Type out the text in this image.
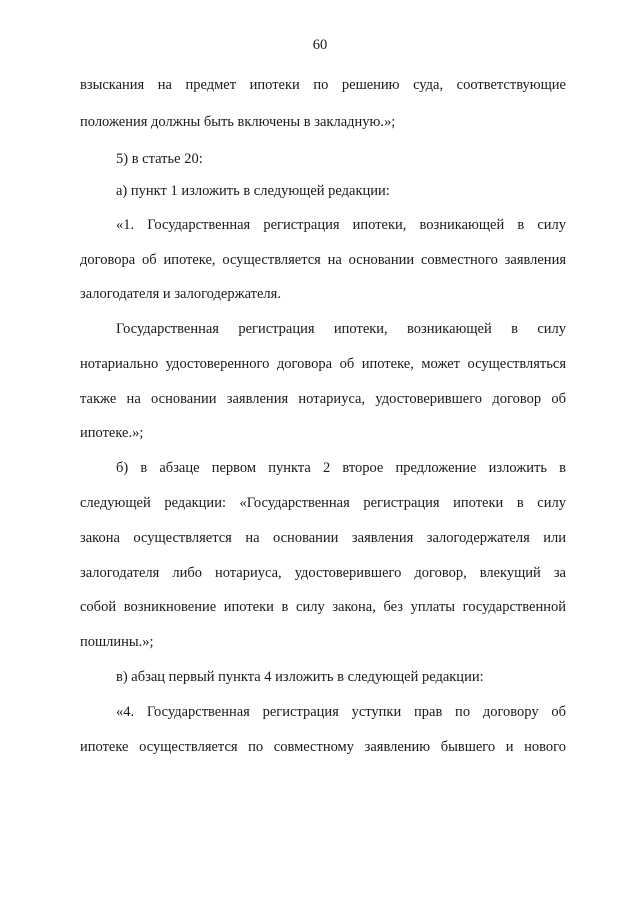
60
взыскания на предмет ипотеки по решению суда, соответствующие
положения должны быть включены в закладную.»;
5) в статье 20:
а) пункт 1 изложить в следующей редакции:
«1. Государственная регистрация ипотеки, возникающей в силу
договора об ипотеке, осуществляется на основании совместного заявления
залогодателя и залогодержателя.
Государственная регистрация ипотеки, возникающей в силу
нотариально удостоверенного договора об ипотеке, может осуществляться
также на основании заявления нотариуса, удостоверившего договор об
ипотеке.»;
б) в абзаце первом пункта 2 второе предложение изложить в
следующей редакции: «Государственная регистрация ипотеки в силу
закона осуществляется на основании заявления залогодержателя или
залогодателя либо нотариуса, удостоверившего договор, влекущий за
собой возникновение ипотеки в силу закона, без уплаты государственной
пошлины.»;
в) абзац первый пункта 4 изложить в следующей редакции:
«4. Государственная регистрация уступки прав по договору об
ипотеке осуществляется по совместному заявлению бывшего и нового
